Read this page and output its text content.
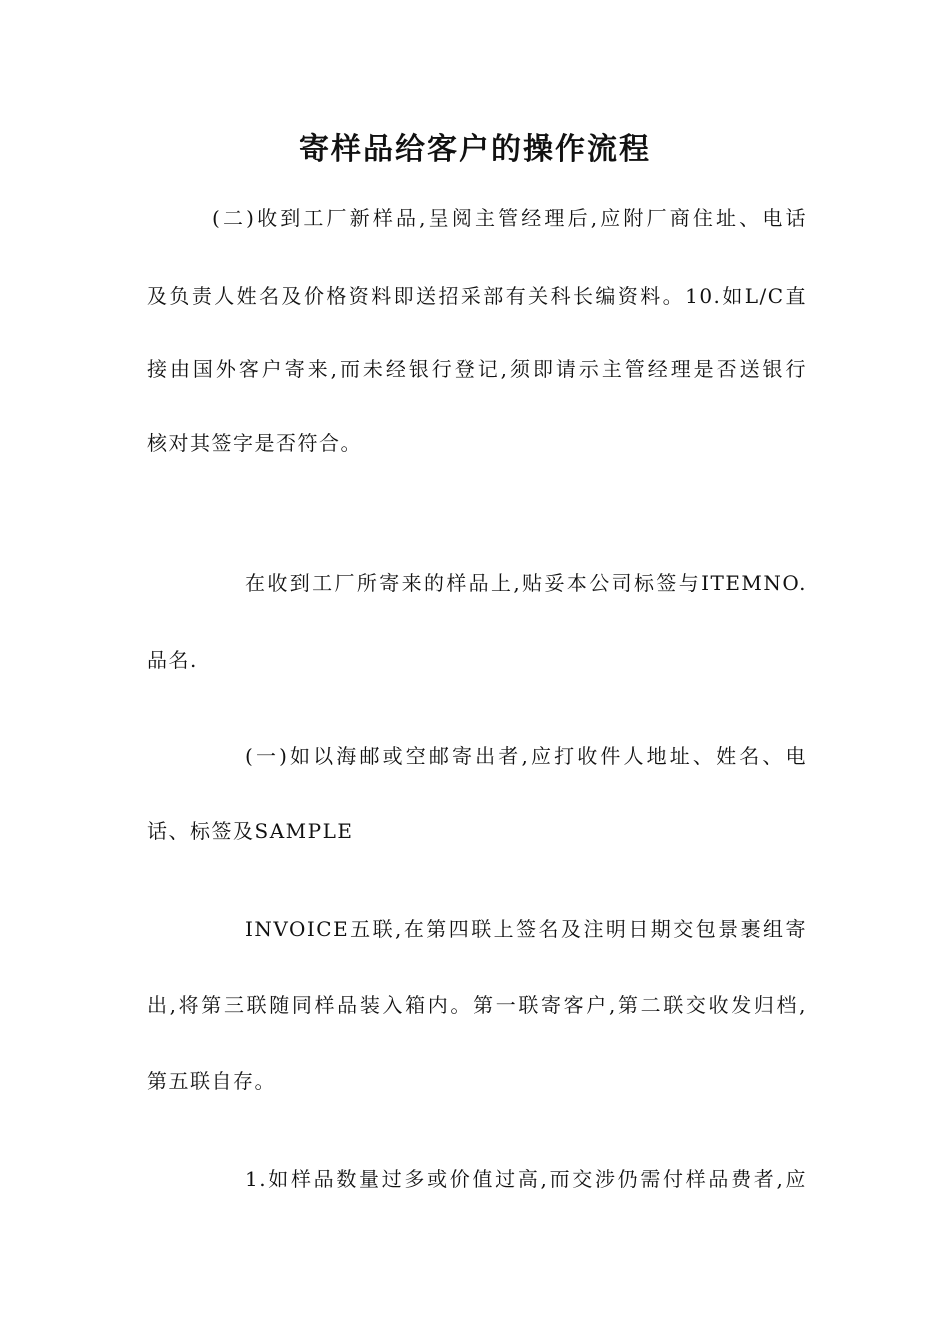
寄样品给客户的操作流程

(二)收到工厂新样品,呈阅主管经理后,应附厂商住址、电话

及负责人姓名及价格资料即送招采部有关科长编资料。10.如L/C直

接由国外客户寄来,而未经银行登记,须即请示主管经理是否送银行

核对其签字是否符合。

在收到工厂所寄来的样品上,贴妥本公司标签与ITEMNO.

品名.

(一)如以海邮或空邮寄出者,应打收件人地址、姓名、电

话、标签及SAMPLE

INVOICE五联,在第四联上签名及注明日期交包景裹组寄

出,将第三联随同样品装入箱内。第一联寄客户,第二联交收发归档,

第五联自存。

1.如样品数量过多或价值过高,而交涉仍需付样品费者,应
